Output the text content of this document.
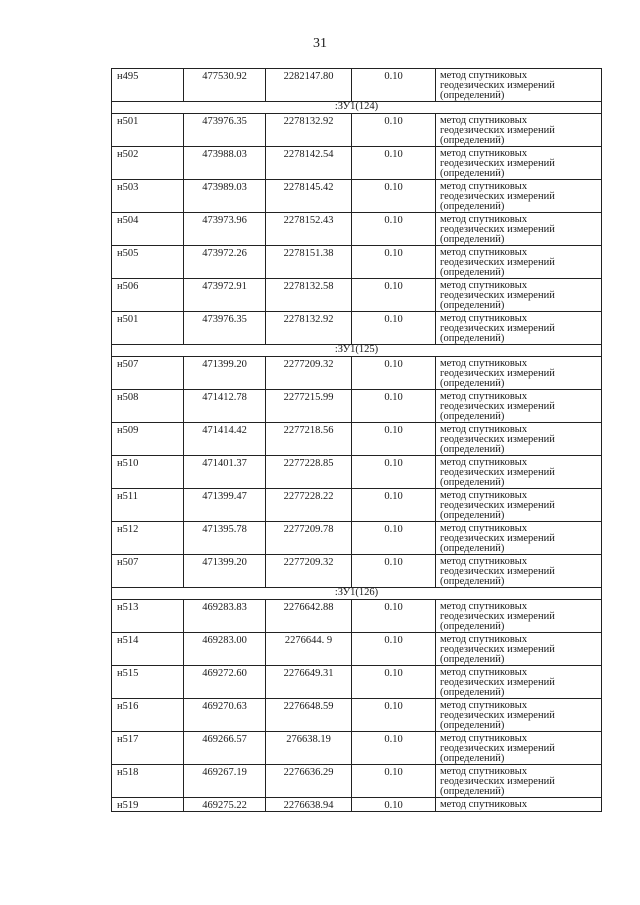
31
н495	477530.92	2282147.80	0.10	метод спутниковых
геодезических измерений
(определений)

:ЗУ1(124)				
н501	473976.35	2278132.92	0.10	метод спутниковых
геодезических измерений
(определений)

н502	473988.03	2278142.54	0.10	метод спутниковых
геодезических измерений
(определений)

н503	473989.03	2278145.42	0.10	метод спутниковых
геодезических измерений
(определений)

н504	473973.96	2278152.43	0.10	метод спутниковых
геодезических измерений
(определений)

н505	473972.26	2278151.38	0.10	метод спутниковых
геодезических измерений
(определений)

н506	473972.91	2278132.58	0.10	метод спутниковых
геодезических измерений
(определений)

н501	473976.35	2278132.92	0.10	метод спутниковых
геодезических измерений
(определений)

:ЗУ1(125)				
н507	471399.20	2277209.32	0.10	метод спутниковых
геодезических измерений
(определений)

н508	471412.78	2277215.99	0.10	метод спутниковых
геодезических измерений
(определений)

н509	471414.42	2277218.56	0.10	метод спутниковых
геодезических измерений
(определений)

н510	471401.37	2277228.85	0.10	метод спутниковых
геодезических измерений
(определений)

н511	471399.47	2277228.22	0.10	метод спутниковых
геодезических измерений
(определений)

н512	471395.78	2277209.78	0.10	метод спутниковых
геодезических измерений
(определений)

н507	471399.20	2277209.32	0.10	метод спутниковых
геодезических измерений
(определений)

:ЗУ1(126)				
н513	469283.83	2276642.88	0.10	метод спутниковых
геодезических измерений
(определений)

н514	469283.00	2276644. 9	0.10	метод спутниковых
геодезических измерений
(определений)

н515	469272.60	2276649.31	0.10	метод спутниковых
геодезических измерений
(определений)

н516	469270.63	2276648.59	0.10	метод спутниковых
геодезических измерений
(определений)

н517	469266.57	276638.19	0.10	метод спутниковых
геодезических измерений
(определений)

н518	469267.19	2276636.29	0.10	метод спутниковых
геодезических измерений
(определений)

н519	469275.22	2276638.94	0.10	метод спутниковых
